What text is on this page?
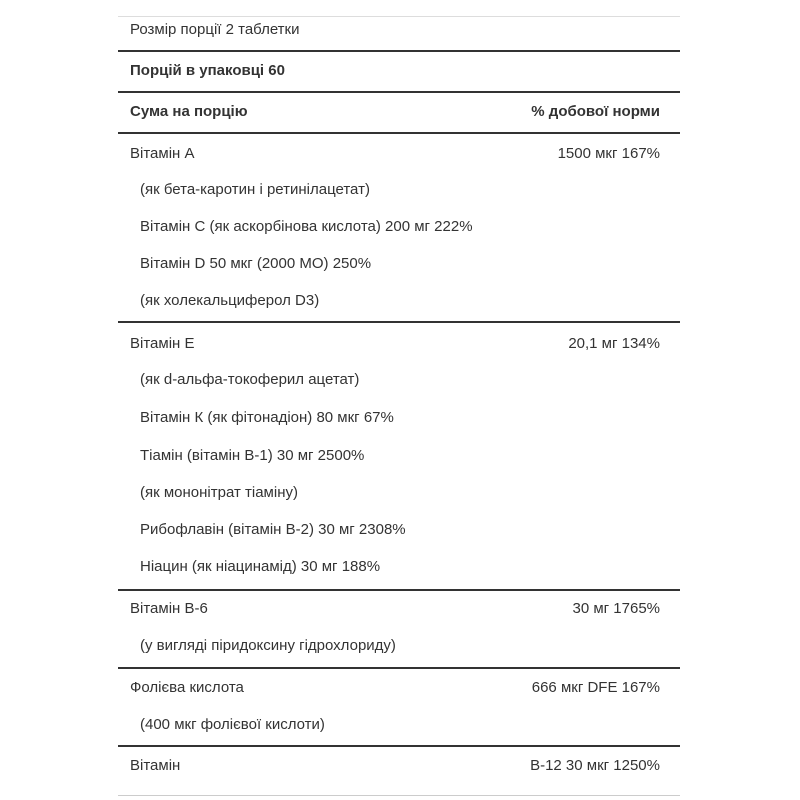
Розмір порції 2 таблетки
Порцій в упаковці 60
Сума на порцію	% добової норми
Вітамін А	1500 мкг 167%
(як бета-каротин і ретинілацетат)
Вітамін С (як аскорбінова кислота) 200 мг 222%
Вітамін D 50 мкг (2000 МО) 250%
(як холекальциферол D3)
Вітамін Е	20,1 мг 134%
(як d-альфа-токоферил ацетат)
Вітамін К (як фітонадіон) 80 мкг 67%
Тіамін (вітамін В-1) 30 мг 2500%
(як мононітрат тіаміну)
Рибофлавін (вітамін В-2) 30 мг 2308%
Ніацин (як ніацинамід) 30 мг 188%
Вітамін В-6	30 мг 1765%
(у вигляді піридоксину гідрохлориду)
Фолієва кислота	666 мкг DFE 167%
(400 мкг фолієвої кислоти)
Вітамін	В-12 30 мкг 1250%
